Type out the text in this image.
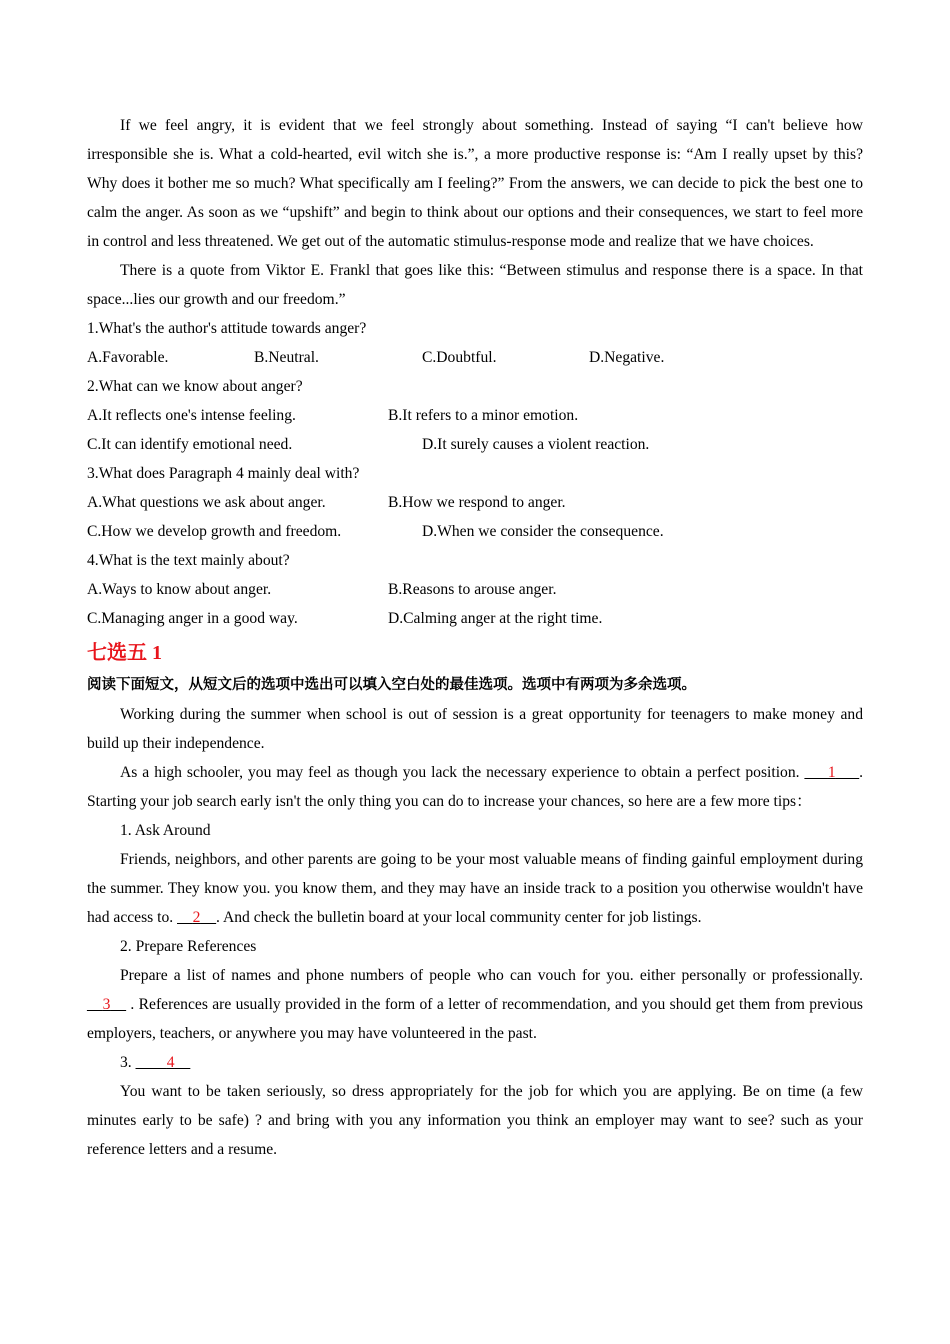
If we feel angry, it is evident that we feel strongly about something. Instead of saying “I can't believe how irresponsible she is. What a cold‑hearted, evil witch she is.”, a more productive response is: “Am I really upset by this? Why does it bother me so much? What specifically am I feeling?” From the answers, we can decide to pick the best one to calm the anger. As soon as we “upshift” and begin to think about our options and their consequences, we start to feel more in control and less threatened. We get out of the automatic stimulus‑response mode and realize that we have choices.

There is a quote from Viktor E. Frankl that goes like this: “Between stimulus and response there is a space. In that space...lies our growth and our freedom.”

1.What's the author's attitude towards anger?
A.Favorable.	B.Neutral.	C.Doubtful.	D.Negative.
2.What can we know about anger?
A.It reflects one's intense feeling.	B.It refers to a minor emotion.
C.It can identify emotional need.	D.It surely causes a violent reaction.
3.What does Paragraph 4 mainly deal with?
A.What questions we ask about anger.	B.How we respond to anger.
C.How we develop growth and freedom.	D.When we consider the consequence.
4.What is the text mainly about?
A.Ways to know about anger.	B.Reasons to arouse anger.
C.Managing anger in a good way.	D.Calming anger at the right time.
七选五 1
阅读下面短文，从短文后的选项中选出可以填入空白处的最佳选项。选项中有两项为多余选项。

Working during the summer when school is out of session is a great opportunity for teenagers to make money and build up their independence.

As a high schooler, you may feel as though you lack the necessary experience to obtain a perfect position. ___1___. Starting your job search early isn't the only thing you can do to increase your chances, so here are a few more tips：

1. Ask Around

Friends, neighbors, and other parents are going to be your most valuable means of finding gainful employment during the summer. They know you. you know them, and they may have an inside track to a position you otherwise wouldn't have had access to. __2__. And check the bulletin board at your local community center for job listings.

2. Prepare References

Prepare a list of names and phone numbers of people who can vouch for you. either personally or professionally. __3__ . References are usually provided in the form of a letter of recommendation, and you should get them from previous employers, teachers, or anywhere you may have volunteered in the past.

3. ____4__

You want to be taken seriously, so dress appropriately for the job for which you are applying. Be on time (a few minutes early to be safe) ? and bring with you any information you think an employer may want to see? such as your reference letters and a resume.
